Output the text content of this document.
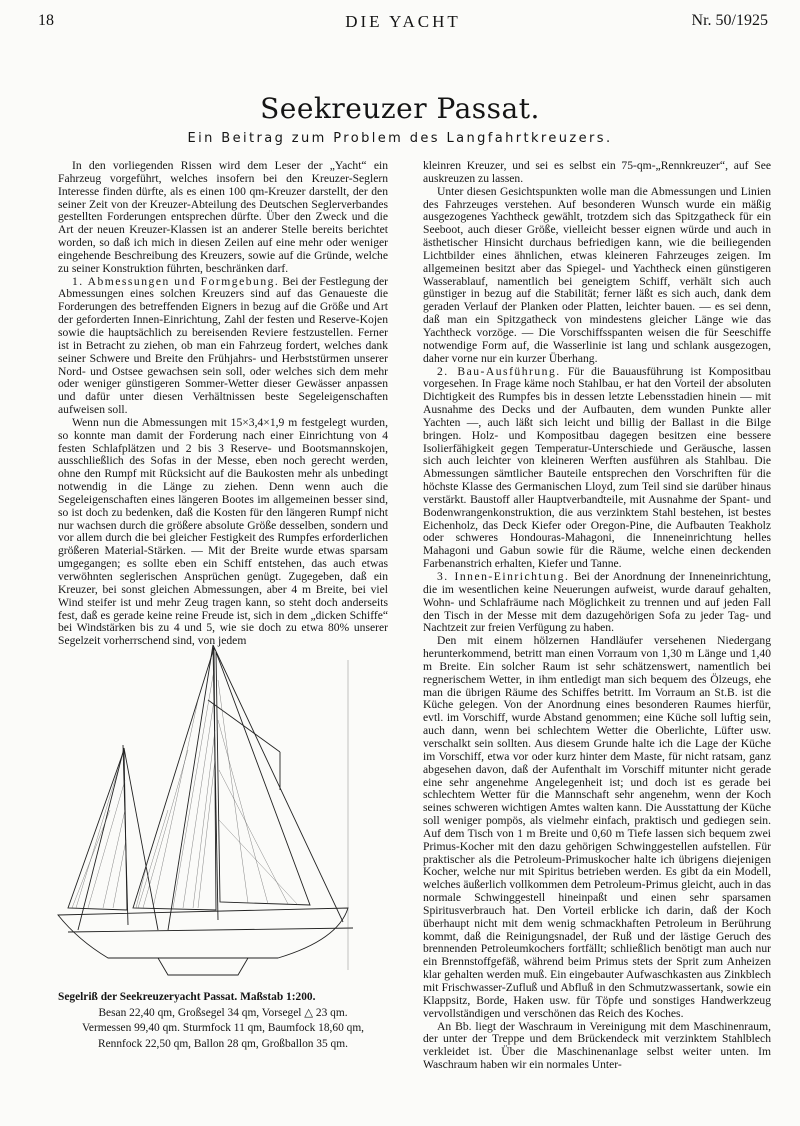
18	DIE YACHT	Nr. 50/1925
Seekreuzer Passat.
Ein Beitrag zum Problem des Langfahrtkreuzers.

In den vorliegenden Rissen wird dem Leser der „Yacht“ ein Fahrzeug vorgeführt, welches insofern bei den Kreuzer-Seglern Interesse finden dürfte, als es einen 100 qm-Kreuzer darstellt, der den seiner Zeit von der Kreuzer-Abteilung des Deutschen Seglerverbandes gestellten Forderungen entsprechen dürfte. Über den Zweck und die Art der neuen Kreuzer-Klassen ist an anderer Stelle bereits berichtet worden, so daß ich mich in diesen Zeilen auf eine mehr oder weniger eingehende Beschreibung des Kreuzers, sowie auf die Gründe, welche zu seiner Konstruktion führten, beschränken darf.

1. Abmessungen und Formgebung. Bei der Festlegung der Abmessungen eines solchen Kreuzers sind auf das Genaueste die Forderungen des betreffenden Eigners in bezug auf die Größe und Art der geforderten Innen-Einrichtung, Zahl der festen und Reserve-Kojen sowie die hauptsächlich zu bereisenden Reviere festzustellen. Ferner ist in Betracht zu ziehen, ob man ein Fahrzeug fordert, welches dank seiner Schwere und Breite den Frühjahrs- und Herbststürmen unserer Nord- und Ostsee gewachsen sein soll, oder welches sich dem mehr oder weniger günstigeren Sommer-Wetter dieser Gewässer anpassen und dafür unter diesen Verhältnissen beste Segeleigenschaften aufweisen soll.

Wenn nun die Abmessungen mit 15×3,4×1,9 m festgelegt wurden, so konnte man damit der Forderung nach einer Einrichtung von 4 festen Schlafplätzen und 2 bis 3 Reserve- und Bootsmannskojen, ausschließlich des Sofas in der Messe, eben noch gerecht werden, ohne den Rumpf mit Rücksicht auf die Baukosten mehr als unbedingt notwendig in die Länge zu ziehen. Denn wenn auch die Segeleigenschaften eines längeren Bootes im allgemeinen besser sind, so ist doch zu bedenken, daß die Kosten für den längeren Rumpf nicht nur wachsen durch die größere absolute Größe desselben, sondern und vor allem durch die bei gleicher Festigkeit des Rumpfes erforderlichen größeren Material-Stärken. — Mit der Breite wurde etwas sparsam umgegangen; es sollte eben ein Schiff entstehen, das auch etwas verwöhnten seglerischen Ansprüchen genügt. Zugegeben, daß ein Kreuzer, bei sonst gleichen Abmessungen, aber 4 m Breite, bei viel Wind steifer ist und mehr Zeug tragen kann, so steht doch anderseits fest, daß es gerade keine reine Freude ist, sich in dem „dicken Schiffe“ bei Windstärken bis zu 4 und 5, wie sie doch zu etwa 80% unserer Segelzeit vorherrschend sind, von jedem

Segelriß der Seekreuzeryacht Passat. Maßstab 1:200.
Besan 22,40 qm, Großsegel 34 qm, Vorsegel △ 23 qm.
Vermessen 99,40 qm. Sturmfock 11 qm, Baumfock 18,60 qm,
Rennfock 22,50 qm, Ballon 28 qm, Großballon 35 qm.

kleinren Kreuzer, und sei es selbst ein 75-qm-„Rennkreuzer“, auf See auskreuzen zu lassen.

Unter diesen Gesichtspunkten wolle man die Abmessungen und Linien des Fahrzeuges verstehen. Auf besonderen Wunsch wurde ein mäßig ausgezogenes Yachtheck gewählt, trotzdem sich das Spitzgatheck für ein Seeboot, auch dieser Größe, vielleicht besser eignen würde und auch in ästhetischer Hinsicht durchaus befriedigen kann, wie die beiliegenden Lichtbilder eines ähnlichen, etwas kleineren Fahrzeuges zeigen. Im allgemeinen besitzt aber das Spiegel- und Yachtheck einen günstigeren Wasserablauf, namentlich bei geneigtem Schiff, verhält sich auch günstiger in bezug auf die Stabilität; ferner läßt es sich auch, dank dem geraden Verlauf der Planken oder Platten, leichter bauen. — es sei denn, daß man ein Spitzgatheck von mindestens gleicher Länge wie das Yachtheck vorzöge. — Die Vorschiffsspanten weisen die für Seeschiffe notwendige Form auf, die Wasserlinie ist lang und schlank ausgezogen, daher vorne nur ein kurzer Überhang.

2. Bau-Ausführung. Für die Bauausführung ist Kompositbau vorgesehen. In Frage käme noch Stahlbau, er hat den Vorteil der absoluten Dichtigkeit des Rumpfes bis in dessen letzte Lebensstadien hinein — mit Ausnahme des Decks und der Aufbauten, dem wunden Punkte aller Yachten —, auch läßt sich leicht und billig der Ballast in die Bilge bringen. Holz- und Kompositbau dagegen besitzen eine bessere Isolierfähigkeit gegen Temperatur-Unterschiede und Geräusche, lassen sich auch leichter von kleineren Werften ausführen als Stahlbau. Die Abmessungen sämtlicher Bauteile entsprechen den Vorschriften für die höchste Klasse des Germanischen Lloyd, zum Teil sind sie darüber hinaus verstärkt. Baustoff aller Hauptverbandteile, mit Ausnahme der Spant- und Bodenwrangenkonstruktion, die aus verzinktem Stahl bestehen, ist bestes Eichenholz, das Deck Kiefer oder Oregon-Pine, die Aufbauten Teakholz oder schweres Hondouras-Mahagoni, die Inneneinrichtung helles Mahagoni und Gabun sowie für die Räume, welche einen deckenden Farbenanstrich erhalten, Kiefer und Tanne.

3. Innen-Einrichtung. Bei der Anordnung der Inneneinrichtung, die im wesentlichen keine Neuerungen aufweist, wurde darauf gehalten, Wohn- und Schlafräume nach Möglichkeit zu trennen und auf jeden Fall den Tisch in der Messe mit dem dazugehörigen Sofa zu jeder Tag- und Nachtzeit zur freien Verfügung zu haben.

Den mit einem hölzernen Handläufer versehenen Niedergang herunterkommend, betritt man einen Vorraum von 1,30 m Länge und 1,40 m Breite. Ein solcher Raum ist sehr schätzenswert, namentlich bei regnerischem Wetter, in ihm entledigt man sich bequem des Ölzeugs, ehe man die übrigen Räume des Schiffes betritt. Im Vorraum an St.B. ist die Küche gelegen. Von der Anordnung eines besonderen Raumes hierfür, evtl. im Vorschiff, wurde Abstand genommen; eine Küche soll luftig sein, auch dann, wenn bei schlechtem Wetter die Oberlichte, Lüfter usw. verschalkt sein sollten. Aus diesem Grunde halte ich die Lage der Küche im Vorschiff, etwa vor oder kurz hinter dem Maste, für nicht ratsam, ganz abgesehen davon, daß der Aufenthalt im Vorschiff mitunter nicht gerade eine sehr angenehme Angelegenheit ist; und doch ist es gerade bei schlechtem Wetter für die Mannschaft sehr angenehm, wenn der Koch seines schweren wichtigen Amtes walten kann. Die Ausstattung der Küche soll weniger pompös, als vielmehr einfach, praktisch und gediegen sein. Auf dem Tisch von 1 m Breite und 0,60 m Tiefe lassen sich bequem zwei Primus-Kocher mit den dazu gehörigen Schwinggestellen aufstellen. Für praktischer als die Petroleum-Primuskocher halte ich übrigens diejenigen Kocher, welche nur mit Spiritus betrieben werden. Es gibt da ein Modell, welches äußerlich vollkommen dem Petroleum-Primus gleicht, auch in das normale Schwinggestell hineinpaßt und einen sehr sparsamen Spiritusverbrauch hat. Den Vorteil erblicke ich darin, daß der Koch überhaupt nicht mit dem wenig schmackhaften Petroleum in Berührung kommt, daß die Reinigungsnadel, der Ruß und der lästige Geruch des brennenden Petroleumkochers fortfällt; schließlich benötigt man auch nur ein Brennstoffgefäß, während beim Primus stets der Sprit zum Anheizen klar gehalten werden muß. Ein eingebauter Aufwaschkasten aus Zinkblech mit Frischwasser-Zufluß und Abfluß in den Schmutzwassertank, sowie ein Klappsitz, Borde, Haken usw. für Töpfe und sonstiges Handwerkzeug vervollständigen und verschönen das Reich des Koches.

An Bb. liegt der Waschraum in Vereinigung mit dem Maschinenraum, der unter der Treppe und dem Brückendeck mit verzinktem Stahlblech verkleidet ist. Über die Maschinenanlage selbst weiter unten. Im Waschraum haben wir ein normales Unter-
